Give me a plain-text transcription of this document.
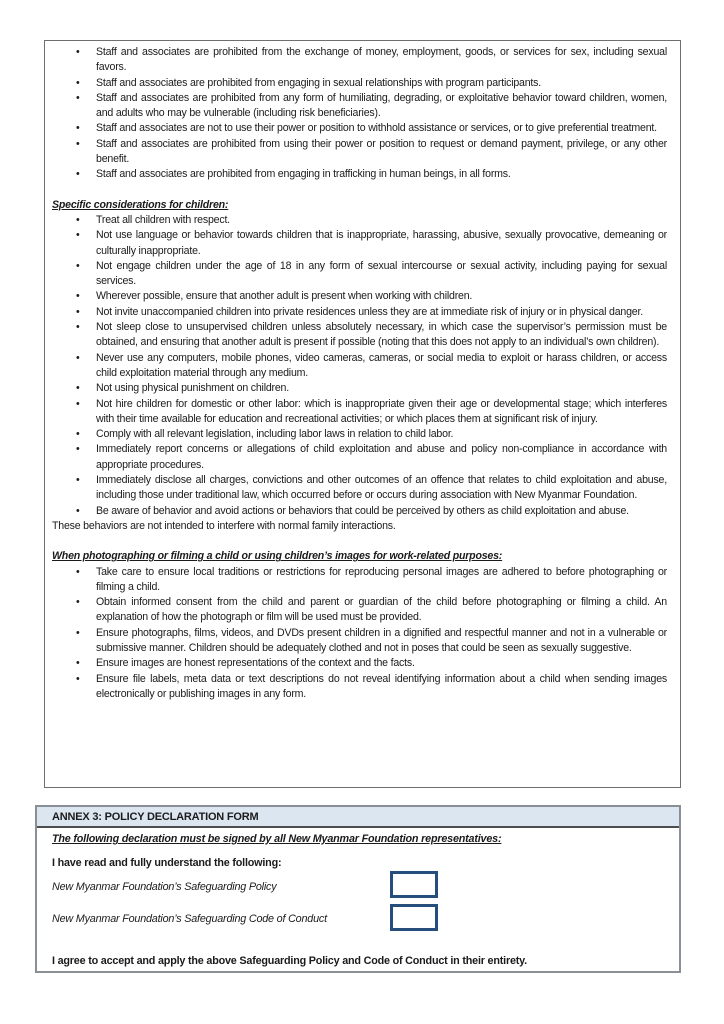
• Staff and associates are prohibited from the exchange of money, employment, goods, or services for sex, including sexual favors.
• Staff and associates are prohibited from engaging in sexual relationships with program participants.
• Staff and associates are prohibited from any form of humiliating, degrading, or exploitative behavior toward children, women, and adults who may be vulnerable (including risk beneficiaries).
• Staff and associates are not to use their power or position to withhold assistance or services, or to give preferential treatment.
• Staff and associates are prohibited from using their power or position to request or demand payment, privilege, or any other benefit.
• Staff and associates are prohibited from engaging in trafficking in human beings, in all forms.
Specific considerations for children:
• Treat all children with respect.
• Not use language or behavior towards children that is inappropriate, harassing, abusive, sexually provocative, demeaning or culturally inappropriate.
• Not engage children under the age of 18 in any form of sexual intercourse or sexual activity, including paying for sexual services.
• Wherever possible, ensure that another adult is present when working with children.
• Not invite unaccompanied children into private residences unless they are at immediate risk of injury or in physical danger.
• Not sleep close to unsupervised children unless absolutely necessary, in which case the supervisor’s permission must be obtained, and ensuring that another adult is present if possible (noting that this does not apply to an individual’s own children).
• Never use any computers, mobile phones, video cameras, cameras, or social media to exploit or harass children, or access child exploitation material through any medium.
• Not using physical punishment on children.
• Not hire children for domestic or other labor: which is inappropriate given their age or developmental stage; which interferes with their time available for education and recreational activities; or which places them at significant risk of injury.
• Comply with all relevant legislation, including labor laws in relation to child labor.
• Immediately report concerns or allegations of child exploitation and abuse and policy non-compliance in accordance with appropriate procedures.
• Immediately disclose all charges, convictions and other outcomes of an offence that relates to child exploitation and abuse, including those under traditional law, which occurred before or occurs during association with New Myanmar Foundation.
• Be aware of behavior and avoid actions or behaviors that could be perceived by others as child exploitation and abuse.
These behaviors are not intended to interfere with normal family interactions.
When photographing or filming a child or using children’s images for work-related purposes:
• Take care to ensure local traditions or restrictions for reproducing personal images are adhered to before photographing or filming a child.
• Obtain informed consent from the child and parent or guardian of the child before photographing or filming a child. An explanation of how the photograph or film will be used must be provided.
• Ensure photographs, films, videos, and DVDs present children in a dignified and respectful manner and not in a vulnerable or submissive manner. Children should be adequately clothed and not in poses that could be seen as sexually suggestive.
• Ensure images are honest representations of the context and the facts.
• Ensure file labels, meta data or text descriptions do not reveal identifying information about a child when sending images electronically or publishing images in any form.
ANNEX 3: POLICY DECLARATION FORM
The following declaration must be signed by all New Myanmar Foundation representatives:
I have read and fully understand the following:
New Myanmar Foundation’s Safeguarding Policy
New Myanmar Foundation’s Safeguarding Code of Conduct
I agree to accept and apply the above Safeguarding Policy and Code of Conduct in their entirety.
